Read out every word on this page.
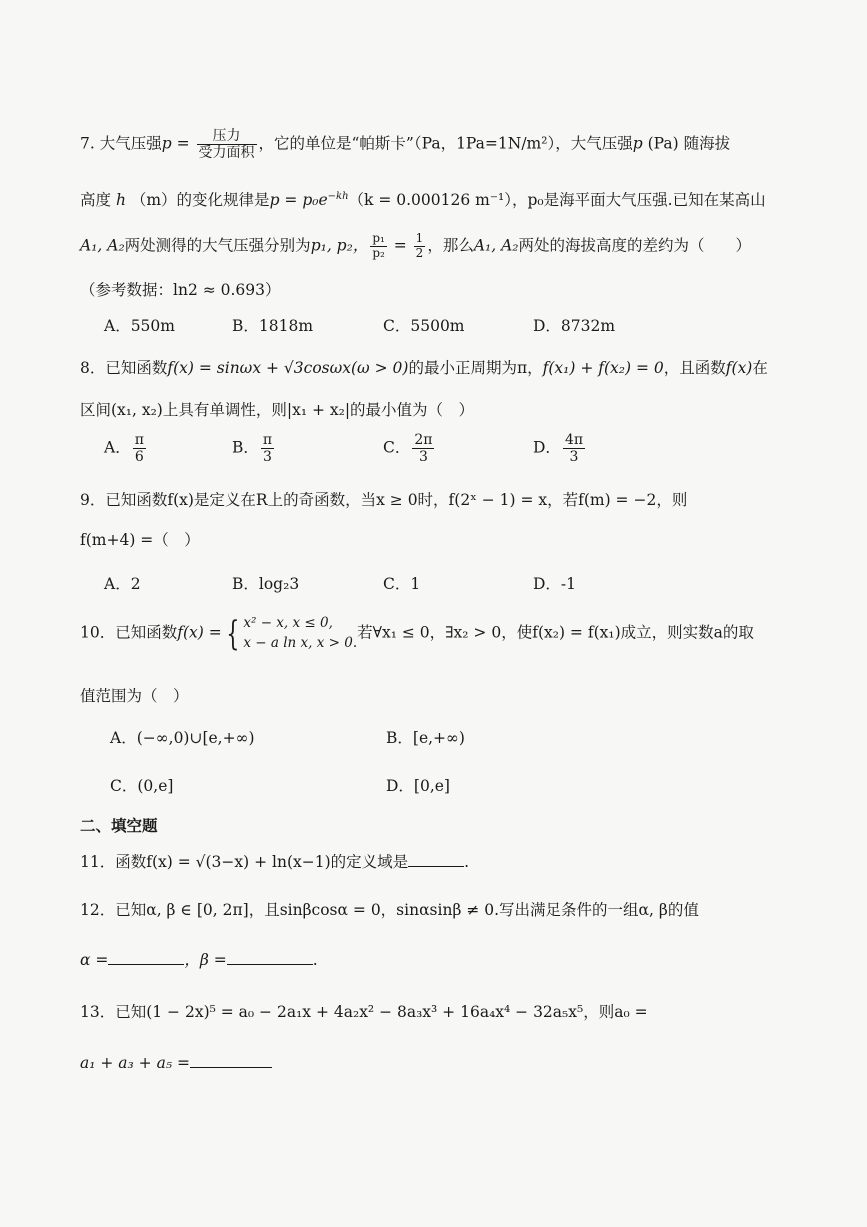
7. 大气压强$p = \frac{\text{压力}}{\text{受力面积}}$ ，它的单位是“帕斯卡”（Pa，1Pa=1N/m²），大气压强p (Pa) 随海拔
高度 h （m）的变化规律是$p = p_0e^{-kh}(k = 0.000126$ m⁻¹），p₀是海平面大气压强.已知在某高山
A₁, A₂两处测得的大气压强分别为p₁, p₂， $\frac{\text{p₁}}{\text{p₂}} = \frac{1}{2}$ ，那么A₁, A₂两处的海拔高度的差约为（　　）
（参考数据：ln2 ≈ 0.693）
A．550m	B．1818m	C．5500m	D．8732m
8．已知函数f(x) = sinωx + √3cosωx(ω > 0)的最小正周期为π，f(x₁) + f(x₂) = 0，且函数f(x)在
区间(x₁, x₂)上具有单调性，则|x₁ + x₂|的最小值为（　）
A． $\frac{\pi}{6}$	B． $\frac{\pi}{3}$	C． $\frac{2\pi}{3}$	D． $\frac{4\pi}{3}$
9．已知函数f(x)是定义在R上的奇函数，当x ≥ 0时，f(2ˣ − 1) = x，若f(m) = −2，则
f(m+4) =（　）
A．2	B．log₂3	C．1	D．-1
10．已知函数f(x) = { x² − x, x ≤ 0,
x − a ln x, x > 0.
若∀x₁ ≤ 0，∃x₂ > 0，使f(x₂) = f(x₁)成立，则实数a的取
值范围为（　）
A．(−∞,0)∪[e,+∞)	B．[e,+∞)
C．(0,e]	D．[0,e]
二、填空题
11．函数f(x) = √(3−x) + ln(x−1)的定义域是	.
12．已知α, β ∈ [0, 2π]，且sinβcosα = 0，sinαsinβ ≠ 0.写出满足条件的一组α, β的值
α =	，β =	.
13．已知(1 − 2x)⁵ = a₀ − 2a₁x + 4a₂x² − 8a₃x³ + 16a₄x⁴ − 32a₅x⁵，则a₀ =
a₁ + a₃ + a₅ =
